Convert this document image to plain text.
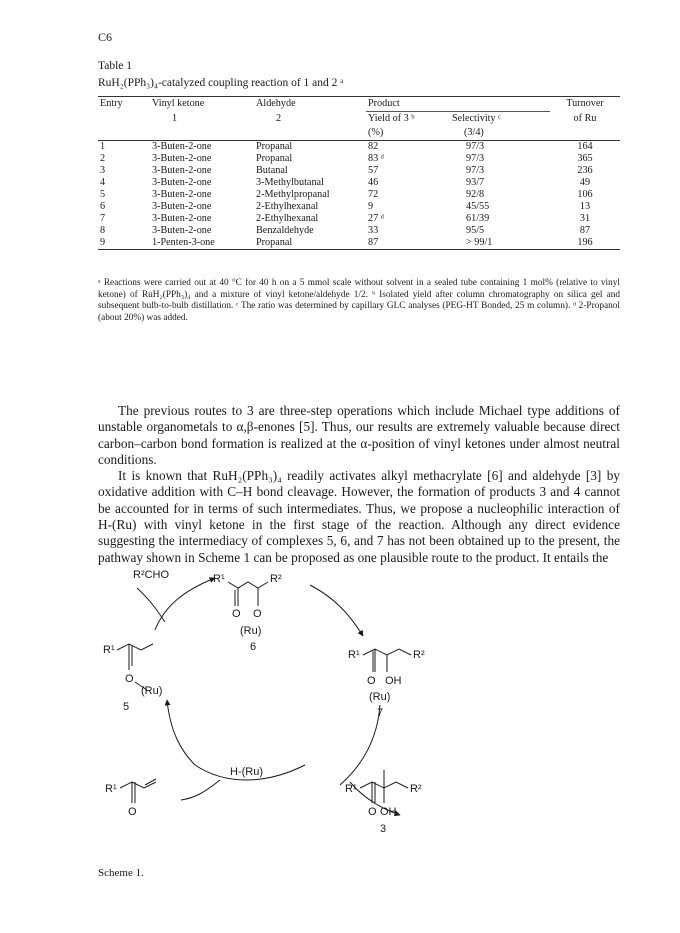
C6
Table 1
RuH₂(PPh₃)₄-catalyzed coupling reaction of 1 and 2 ᵃ
Entry	Vinyl ketone	Aldehyde	Product		Turnover
	1	2	Yield of 3 ᵇ	Selectivity ᶜ	of Ru
			(%)	(3/4)	
1	3-Buten-2-one	Propanal	82	97/3	164
2	3-Buten-2-one	Propanal	83 ᵈ	97/3	365
3	3-Buten-2-one	Butanal	57	97/3	236
4	3-Buten-2-one	3-Methylbutanal	46	93/7	49
5	3-Buten-2-one	2-Methylpropanal	72	92/8	106
6	3-Buten-2-one	2-Ethylhexanal	9	45/55	13
7	3-Buten-2-one	2-Ethylhexanal	27 ᵈ	61/39	31
8	3-Buten-2-one	Benzaldehyde	33	95/5	87
9	1-Penten-3-one	Propanal	87	> 99/1	196
ᵃ Reactions were carried out at 40 °C for 40 h on a 5 mmol scale without solvent in a sealed tube containing 1 mol% (relative to vinyl ketone) of RuH₂(PPh₃)₄ and a mixture of vinyl ketone/aldehyde 1/2. ᵇ Isolated yield after column chromatography on silica gel and subsequent bulb-to-bulb distillation. ᶜ The ratio was determined by capillary GLC analyses (PEG-HT Bonded, 25 m column). ᵈ 2-Propanol (about 20%) was added.

The previous routes to 3 are three-step operations which include Michael type additions of unstable organometals to α,β-enones [5]. Thus, our results are extremely valuable because direct carbon–carbon bond formation is realized at the α-position of vinyl ketones under almost neutral conditions.

It is known that RuH₂(PPh₃)₄ readily activates alkyl methacrylate [6] and aldehyde [3] by oxidative addition with C–H bond cleavage. However, the formation of products 3 and 4 cannot be accounted for in terms of such intermediates. Thus, we propose a nucleophilic interaction of H-(Ru) with vinyl ketone in the first stage of the reaction. Although any direct evidence suggesting the intermediacy of complexes 5, 6, and 7 has not been obtained up to the present, the pathway shown in Scheme 1 can be proposed as one plausible route to the product. It entails the

R²CHO	R¹	R²
O O
(Ru)
6
R¹
O
(Ru)
5
R¹	R²
O OH
(Ru)
7
H-(Ru)
R¹
O
R¹	R²
O OH
3
Scheme 1.
